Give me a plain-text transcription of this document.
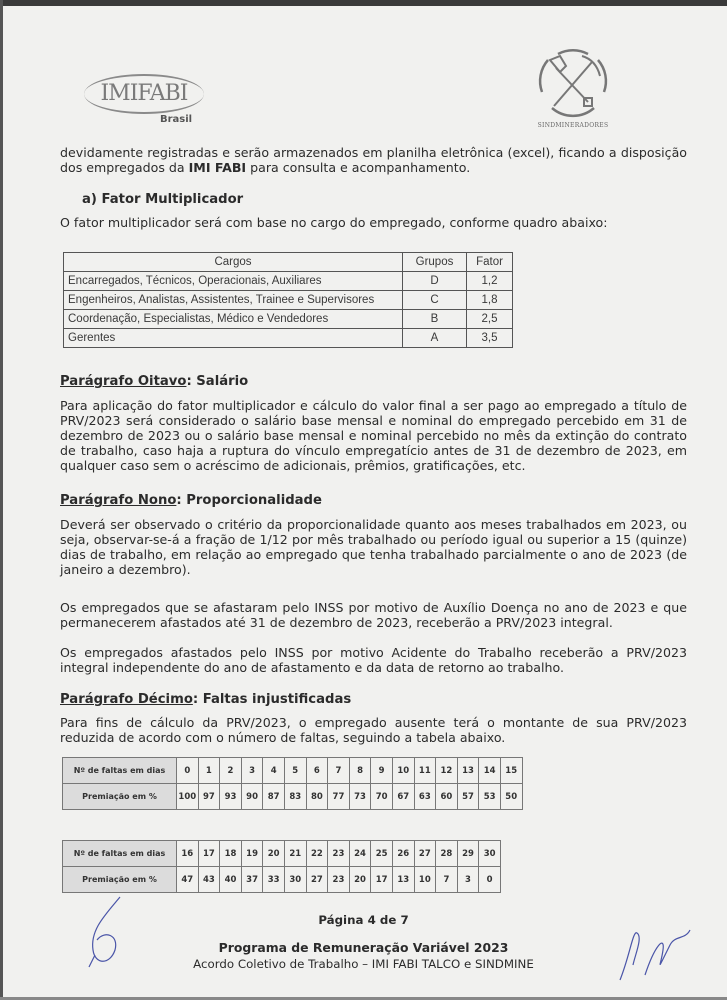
IMIFABI
Brasil
SINDMINERADORES
devidamente registradas e serão armazenados em planilha eletrônica (excel), ficando a disposição dos empregados da IMI FABI para consulta e acompanhamento.
a) Fator Multiplicador
O fator multiplicador será com base no cargo do empregado, conforme quadro abaixo:
Cargos	Grupos	Fator
Encarregados, Técnicos, Operacionais, Auxiliares	D	1,2
Engenheiros, Analistas, Assistentes, Trainee e Supervisores	C	1,8
Coordenação, Especialistas, Médico e Vendedores	B	2,5
Gerentes	A	3,5
Parágrafo Oitavo: Salário
Para aplicação do fator multiplicador e cálculo do valor final a ser pago ao empregado a título de PRV/2023 será considerado o salário base mensal e nominal do empregado percebido em 31 de dezembro de 2023 ou o salário base mensal e nominal percebido no mês da extinção do contrato de trabalho, caso haja a ruptura do vínculo empregatício antes de 31 de dezembro de 2023, em qualquer caso sem o acréscimo de adicionais, prêmios, gratificações, etc.
Parágrafo Nono: Proporcionalidade
Deverá ser observado o critério da proporcionalidade quanto aos meses trabalhados em 2023, ou seja, observar-se-á a fração de 1/12 por mês trabalhado ou período igual ou superior a 15 (quinze) dias de trabalho, em relação ao empregado que tenha trabalhado parcialmente o ano de 2023 (de janeiro a dezembro).
Os empregados que se afastaram pelo INSS por motivo de Auxílio Doença no ano de 2023 e que permanecerem afastados até 31 de dezembro de 2023, receberão a PRV/2023 integral.
Os empregados afastados pelo INSS por motivo Acidente do Trabalho receberão a PRV/2023 integral independente do ano de afastamento e da data de retorno ao trabalho.
Parágrafo Décimo: Faltas injustificadas
Para fins de cálculo da PRV/2023, o empregado ausente terá o montante de sua PRV/2023 reduzida de acordo com o número de faltas, seguindo a tabela abaixo.
Nº de faltas em dias	0	1	2	3	4	5	6	7	8	9	10	11	12	13	14	15
Premiação em %	100	97	93	90	87	83	80	77	73	70	67	63	60	57	53	50
Nº de faltas em dias	16	17	18	19	20	21	22	23	24	25	26	27	28	29	30
Premiação em %	47	43	40	37	33	30	27	23	20	17	13	10	7	3	0
Página 4 de 7
Programa de Remuneração Variável 2023
Acordo Coletivo de Trabalho – IMI FABI TALCO e SINDMINE
